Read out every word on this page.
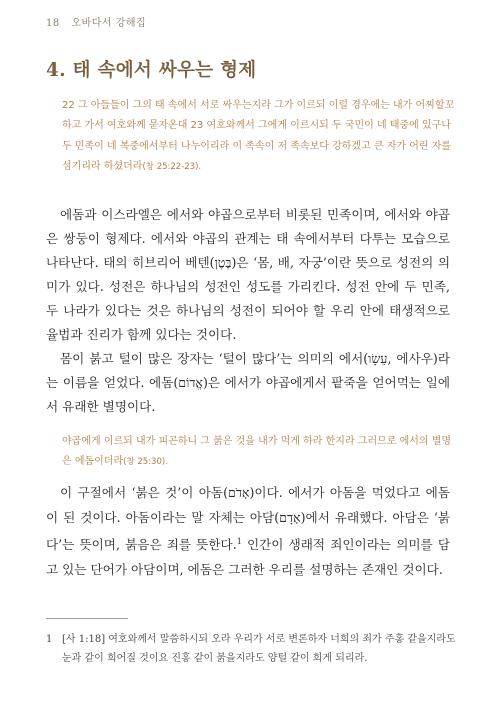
18 오바다서 강해집
4. 태 속에서 싸우는 형제

22 그 아들들이 그의 태 속에서 서로 싸우는지라 그가 이르되 이럴 경우에는 내가 어찌할꼬 하고 가서 여호와께 묻자온대 23 여호와께서 그에게 이르시되 두 국민이 네 태중에 있구나 두 민족이 네 복중에서부터 나누이리라 이 족속이 저 족속보다 강하겠고 큰 자가 어린 자를 섬기리라 하셨더라(창 25:22-23).

에돔과 이스라엘은 에서와 야곱으로부터 비롯된 민족이며, 에서와 야곱은 쌍둥이 형제다. 에서와 야곱의 관계는 태 속에서부터 다투는 모습으로 나타난다. 태의 히브리어 베텐(בֶּטֶן)은 ‘몸, 배, 자궁’이란 뜻으로 성전의 의미가 있다. 성전은 하나님의 성전인 성도를 가리킨다. 성전 안에 두 민족, 두 나라가 있다는 것은 하나님의 성전이 되어야 할 우리 안에 태생적으로 율법과 진리가 함께 있다는 것이다.

몸이 붉고 털이 많은 장자는 ‘털이 많다’는 의미의 에서(עֵשָׂו, 에사우)라는 이름을 얻었다. 에돔(אֱדוֹם)은 에서가 야곱에게서 팥죽을 얻어먹는 일에서 유래한 별명이다.

야곱에게 이르되 내가 피곤하니 그 붉은 것을 내가 먹게 하라 한지라 그러므로 에서의 별명은 에돔이더라(창 25:30).

이 구절에서 ‘붉은 것’이 아돔(אָדֹם)이다. 에서가 아돔을 먹었다고 에돔이 된 것이다. 아돔이라는 말 자체는 아담(אָדָם)에서 유래했다. 아담은 ‘붉다’는 뜻이며, 붉음은 죄를 뜻한다.$^1$ 인간이 생래적 죄인이라는 의미를 담고 있는 단어가 아담이며, 에돔은 그러한 우리를 설명하는 존재인 것이다.

1 [사 1:18] 여호와께서 말씀하시되 오라 우리가 서로 변론하자 너희의 죄가 주홍 같을지라도 눈과 같이 희어질 것이요 진홍 같이 붉을지라도 양털 같이 희게 되리라.
